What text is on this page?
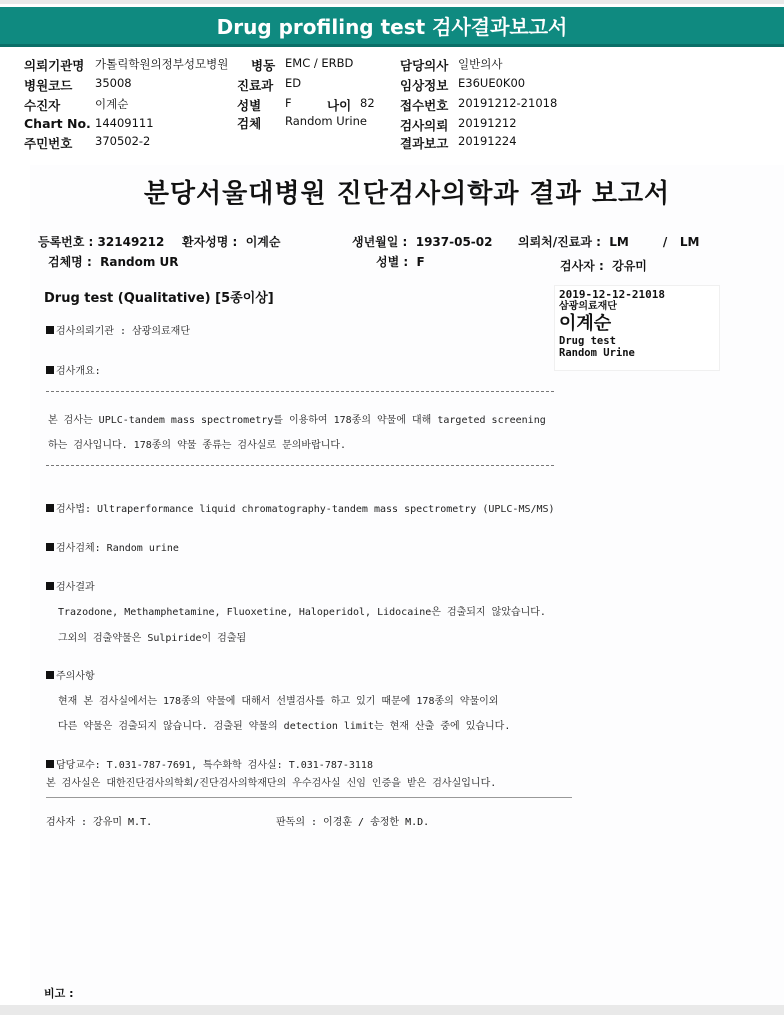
Drug profiling test 검사결과보고서
의뢰기관명 가톨릭학원의정부성모병원 병동 EMC / ERBD	담당의사 일반의사
병원코드 35008	진료과 ED	임상정보 E36UE0K00
수진자	이계순	성별 F	나이 82 접수번호 20191212-21018
Chart No. 14409111	검체 Random Urine	검사의뢰 20191212
주민번호 370502-2	결과보고 20191224
분당서울대병원 진단검사의학과 결과 보고서
등록번호 : 32149212 환자성명 : 이계순	생년월일 : 1937-05-02 의뢰처/진료과 : LM	/ LM
검체명 : Random UR	성별 : F	검사자 : 강유미
Drug test (Qualitative) [5종이상]	2019-12-12-21018
삼광의료재단
이계순
Drug test
Random Urine
검사의뢰기관 : 삼광의료재단
검사개요:
본 검사는 UPLC-tandem mass spectrometry를 이용하여 178종의 약물에 대해 targeted screening
하는 검사입니다. 178종의 약물 종류는 검사실로 문의바랍니다.
검사법: Ultraperformance liquid chromatography-tandem mass spectrometry (UPLC-MS/MS)
검사검체: Random urine
검사결과
Trazodone, Methamphetamine, Fluoxetine, Haloperidol, Lidocaine은 검출되지 않았습니다.
그외의 검출약물은 Sulpiride이 검출됨
주의사항
현재 본 검사실에서는 178종의 약물에 대해서 선별검사를 하고 있기 때문에 178종의 약물이외
다른 약물은 검출되지 않습니다. 검출된 약물의 detection limit는 현재 산출 중에 있습니다.
담당교수: T.031-787-7691, 특수화학 검사실: T.031-787-3118
본 검사실은 대한진단검사의학회/진단검사의학재단의 우수검사실 신임 인증을 받은 검사실입니다.
검사자 : 강유미 M.T.	판독의 : 이경훈 / 송정한 M.D.
비고 :
